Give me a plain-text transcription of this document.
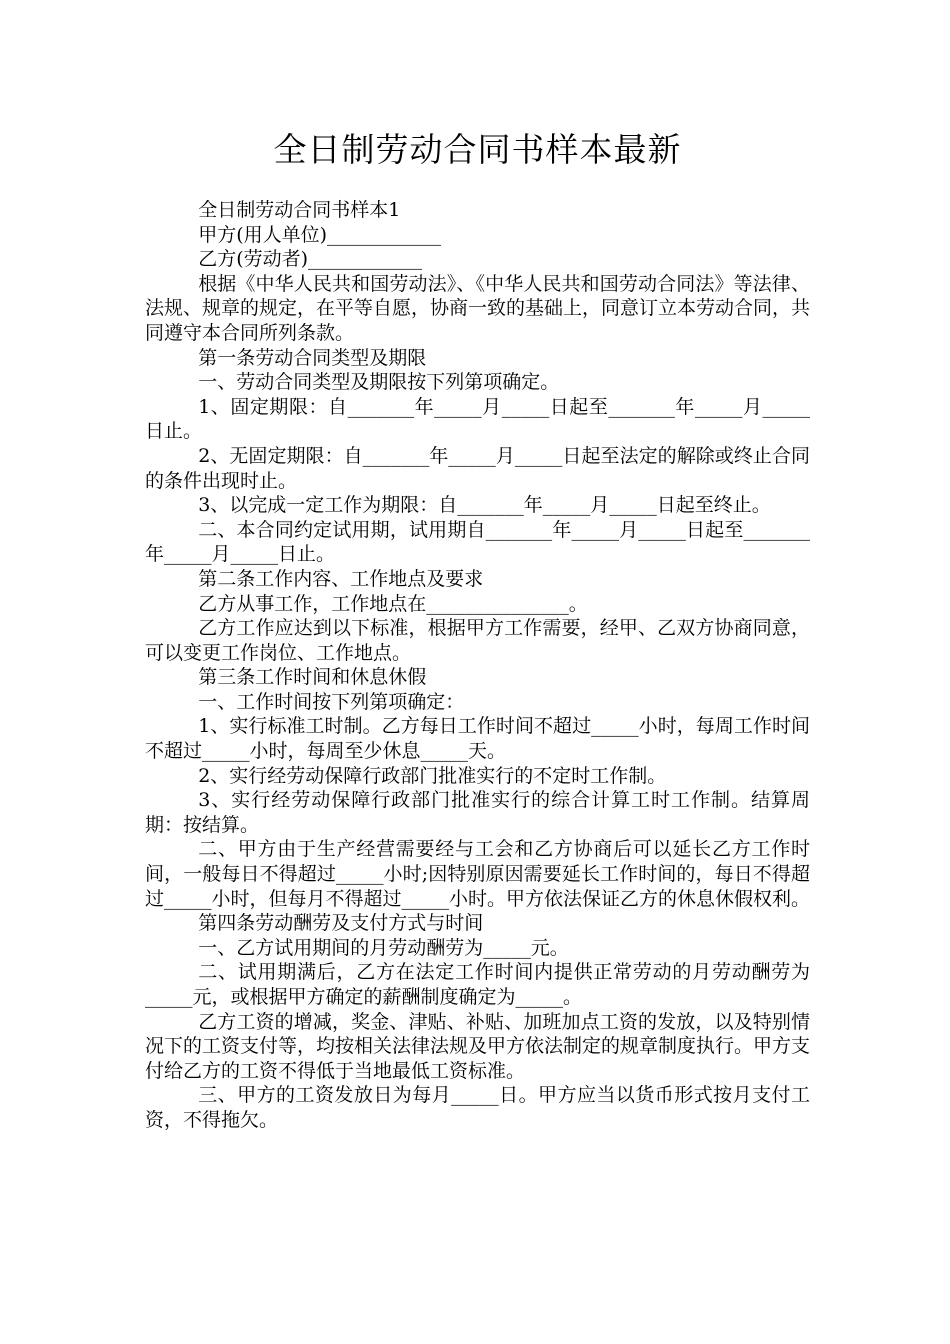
全日制劳动合同书样本最新

全日制劳动合同书样本1

甲方(用人单位)____________

乙方(劳动者)____________

根据《中华人民共和国劳动法》、《中华人民共和国劳动合同法》等法律、法规、规章的规定，在平等自愿，协商一致的基础上，同意订立本劳动合同，共同遵守本合同所列条款。

第一条劳动合同类型及期限

一、劳动合同类型及期限按下列第项确定。

1、固定期限：自_______年_____月_____日起至_______年_____月_____日止。

2、无固定期限：自_______年_____月_____日起至法定的解除或终止合同的条件出现时止。

3、以完成一定工作为期限：自_______年_____月_____日起至终止。

二、本合同约定试用期，试用期自_______年_____月_____日起至_______年_____月_____日止。

第二条工作内容、工作地点及要求

乙方从事工作，工作地点在_______________。

乙方工作应达到以下标准，根据甲方工作需要，经甲、乙双方协商同意，可以变更工作岗位、工作地点。

第三条工作时间和休息休假

一、工作时间按下列第项确定：

1、实行标准工时制。乙方每日工作时间不超过_____小时，每周工作时间不超过_____小时，每周至少休息_____天。

2、实行经劳动保障行政部门批准实行的不定时工作制。

3、实行经劳动保障行政部门批准实行的综合计算工时工作制。结算周期：按结算。

二、甲方由于生产经营需要经与工会和乙方协商后可以延长乙方工作时间，一般每日不得超过_____小时;因特别原因需要延长工作时间的，每日不得超过_____小时，但每月不得超过_____小时。甲方依法保证乙方的休息休假权利。

第四条劳动酬劳及支付方式与时间

一、乙方试用期间的月劳动酬劳为_____元。

二、试用期满后，乙方在法定工作时间内提供正常劳动的月劳动酬劳为_____元，或根据甲方确定的薪酬制度确定为_____。

乙方工资的增减，奖金、津贴、补贴、加班加点工资的发放，以及特别情况下的工资支付等，均按相关法律法规及甲方依法制定的规章制度执行。甲方支付给乙方的工资不得低于当地最低工资标准。

三、甲方的工资发放日为每月_____日。甲方应当以货币形式按月支付工资，不得拖欠。
